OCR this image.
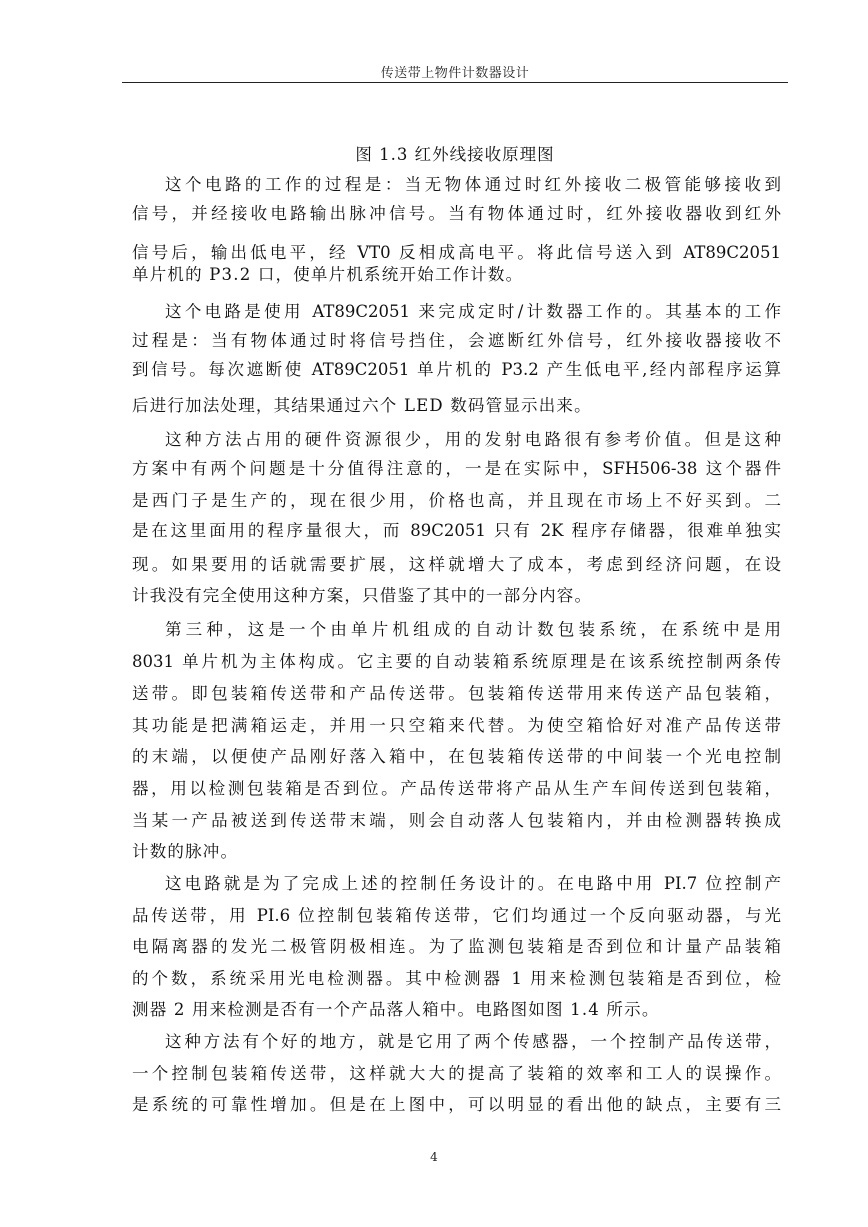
传送带上物件计数器设计
图 1.3 红外线接收原理图
这个电路的工作的过程是：当无物体通过时红外接收二极管能够接收到
信号，并经接收电路输出脉冲信号。当有物体通过时，红外接收器收到红外
信号后，输出低电平，经 VT0 反相成高电平。将此信号送入到 AT89C2051
单片机的 P3.2 口，使单片机系统开始工作计数。
这个电路是使用 AT89C2051 来完成定时/计数器工作的。其基本的工作
过程是：当有物体通过时将信号挡住，会遮断红外信号，红外接收器接收不
到信号。每次遮断使 AT89C2051 单片机的 P3.2 产生低电平,经内部程序运算
后进行加法处理，其结果通过六个 LED 数码管显示出来。
这种方法占用的硬件资源很少，用的发射电路很有参考价值。但是这种
方案中有两个问题是十分值得注意的，一是在实际中，SFH506-38 这个器件
是西门子是生产的，现在很少用，价格也高，并且现在市场上不好买到。二
是在这里面用的程序量很大，而 89C2051 只有 2K 程序存储器，很难单独实
现。如果要用的话就需要扩展，这样就增大了成本，考虑到经济问题，在设
计我没有完全使用这种方案，只借鉴了其中的一部分内容。
第三种，这是一个由单片机组成的自动计数包装系统，在系统中是用
8031 单片机为主体构成。它主要的自动装箱系统原理是在该系统控制两条传
送带。即包装箱传送带和产品传送带。包装箱传送带用来传送产品包装箱，
其功能是把满箱运走，并用一只空箱来代替。为使空箱恰好对准产品传送带
的末端，以便使产品刚好落入箱中，在包装箱传送带的中间装一个光电控制
器，用以检测包装箱是否到位。产品传送带将产品从生产车间传送到包装箱，
当某一产品被送到传送带末端，则会自动落人包装箱内，并由检测器转换成
计数的脉冲。
这电路就是为了完成上述的控制任务设计的。在电路中用 PI.7 位控制产
品传送带，用 PI.6 位控制包装箱传送带，它们均通过一个反向驱动器，与光
电隔离器的发光二极管阴极相连。为了监测包装箱是否到位和计量产品装箱
的个数，系统采用光电检测器。其中检测器 1 用来检测包装箱是否到位，检
测器 2 用来检测是否有一个产品落人箱中。电路图如图 1.4 所示。
这种方法有个好的地方，就是它用了两个传感器，一个控制产品传送带，
一个控制包装箱传送带，这样就大大的提高了装箱的效率和工人的误操作。
是系统的可靠性增加。但是在上图中，可以明显的看出他的缺点，主要有三
4
